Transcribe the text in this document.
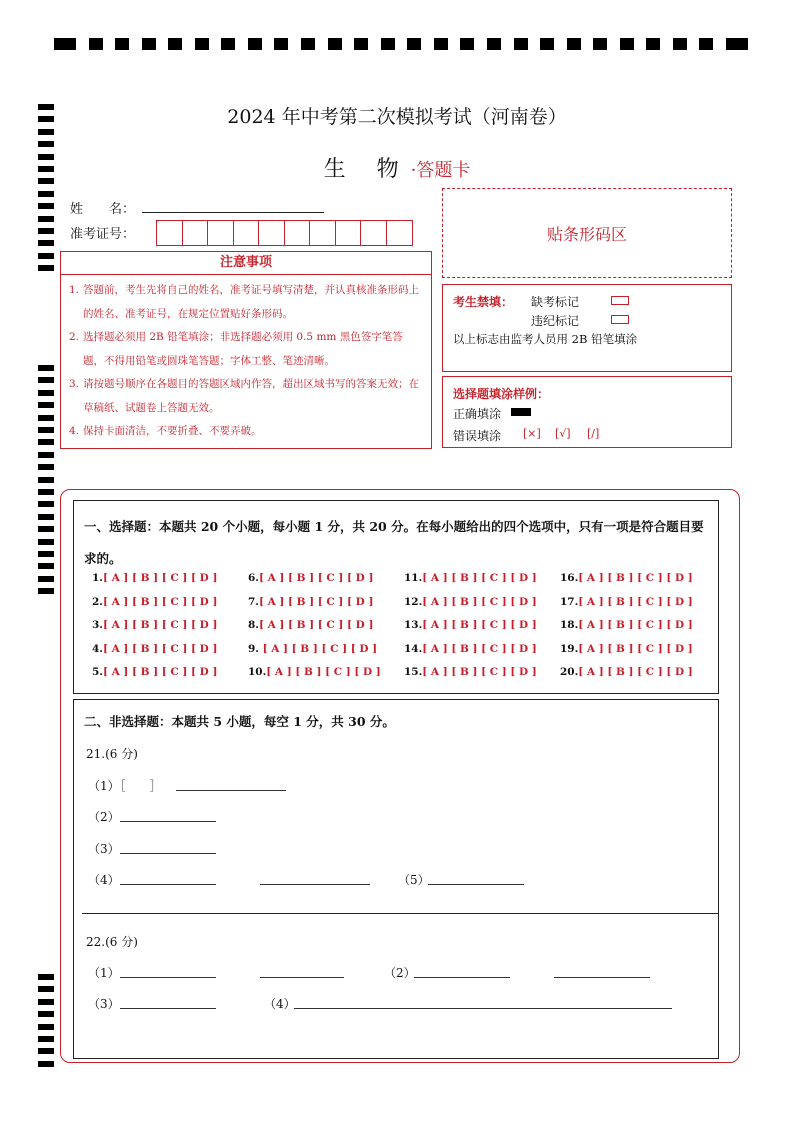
2024 年中考第二次模拟考试（河南卷）
生 物·答题卡
姓　　名：
准考证号：	贴条形码区
注意事项
1. 答题前，考生先将自己的姓名，准考证号填写清楚，并认真核准条形码上的姓名、准考证号，在规定位置贴好条形码。
2. 选择题必须用 2B 铅笔填涂；非选择题必须用 0.5 mm 黑色签字笔答题，不得用铅笔或圆珠笔答题；字体工整、笔迹清晰。
3. 请按题号顺序在各题目的答题区域内作答，超出区域书写的答案无效；在草稿纸、试题卷上答题无效。
4. 保持卡面清洁，不要折叠、不要弄破。
考生禁填： 缺考标记
违纪标记
以上标志由监考人员用 2B 铅笔填涂
选择题填涂样例：
正确填涂
错误填涂 [×] [√] [/]
一、选择题：本题共 20 个小题，每小题 1 分，共 20 分。在每小题给出的四个选项中，只有一项是符合题目要求的。
1.[ A ] [ B ] [ C ] [ D ]
2.[ A ] [ B ] [ C ] [ D ]
3.[ A ] [ B ] [ C ] [ D ]
4.[ A ] [ B ] [ C ] [ D ]
5.[ A ] [ B ] [ C ] [ D ]
6.[ A ] [ B ] [ C ] [ D ]
7.[ A ] [ B ] [ C ] [ D ]
8.[ A ] [ B ] [ C ] [ D ]
9. [ A ] [ B ] [ C ] [ D ]
10.[ A ] [ B ] [ C ] [ D ]
11.[ A ] [ B ] [ C ] [ D ]
12.[ A ] [ B ] [ C ] [ D ]
13.[ A ] [ B ] [ C ] [ D ]
14.[ A ] [ B ] [ C ] [ D ]
15.[ A ] [ B ] [ C ] [ D ]
16.[ A ] [ B ] [ C ] [ D ]
17.[ A ] [ B ] [ C ] [ D ]
18.[ A ] [ B ] [ C ] [ D ]
19.[ A ] [ B ] [ C ] [ D ]
20.[ A ] [ B ] [ C ] [ D ]
二、非选择题：本题共 5 小题，每空 1 分，共 30 分。
21.(6 分)
（1）［　　］
（2）
（3）
（4）	（5）
22.(6 分)
（1）	（2）
（3）	（4）
